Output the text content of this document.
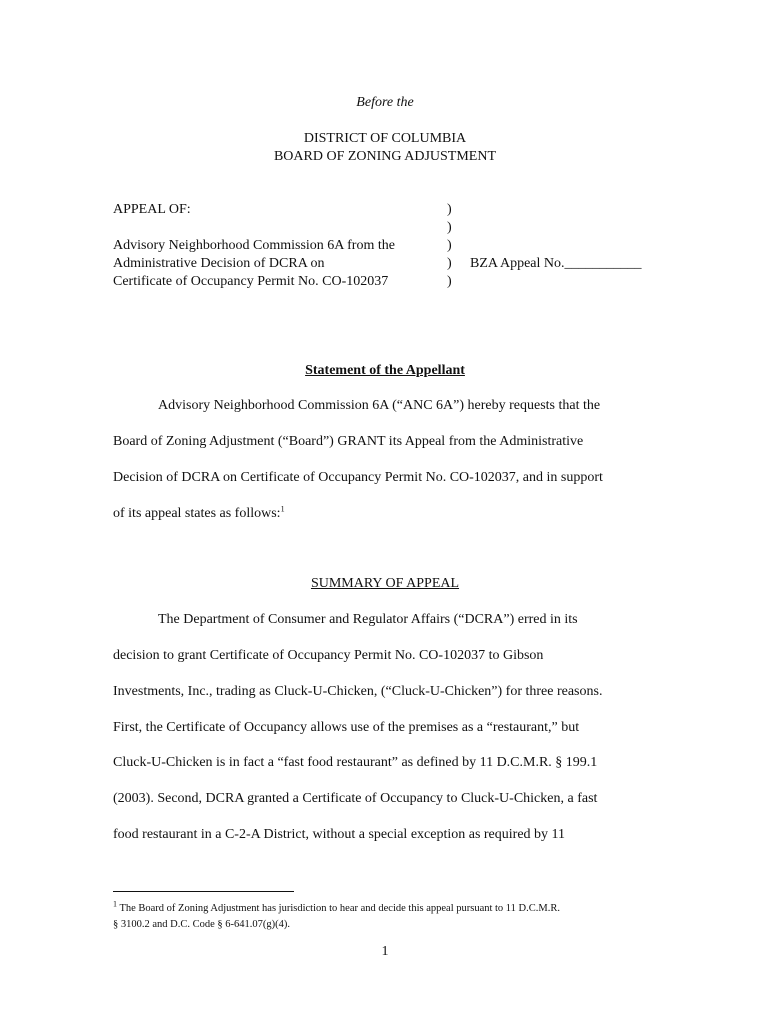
Before the
DISTRICT OF COLUMBIA
BOARD OF ZONING ADJUSTMENT
APPEAL OF:
Advisory Neighborhood Commission 6A from the
Administrative Decision of DCRA on
Certificate of Occupancy Permit No. CO-102037
)
)
)
)
)
BZA Appeal No.___________
Statement of the Appellant
Advisory Neighborhood Commission 6A (“ANC 6A”) hereby requests that the
Board of Zoning Adjustment (“Board”) GRANT its Appeal from the Administrative
Decision of DCRA on Certificate of Occupancy Permit No. CO-102037, and in support
of its appeal states as follows:$^1$
SUMMARY OF APPEAL
The Department of Consumer and Regulator Affairs (“DCRA”) erred in its
decision to grant Certificate of Occupancy Permit No. CO-102037 to Gibson
Investments, Inc., trading as Cluck-U-Chicken, (“Cluck-U-Chicken”) for three reasons.
First, the Certificate of Occupancy allows use of the premises as a “restaurant,” but
Cluck-U-Chicken is in fact a “fast food restaurant” as defined by 11 D.C.M.R. § 199.1
(2003). Second, DCRA granted a Certificate of Occupancy to Cluck-U-Chicken, a fast
food restaurant in a C-2-A District, without a special exception as required by 11
$^1$ The Board of Zoning Adjustment has jurisdiction to hear and decide this appeal pursuant to 11 D.C.M.R.
§ 3100.2 and D.C. Code § 6-641.07(g)(4).
1
